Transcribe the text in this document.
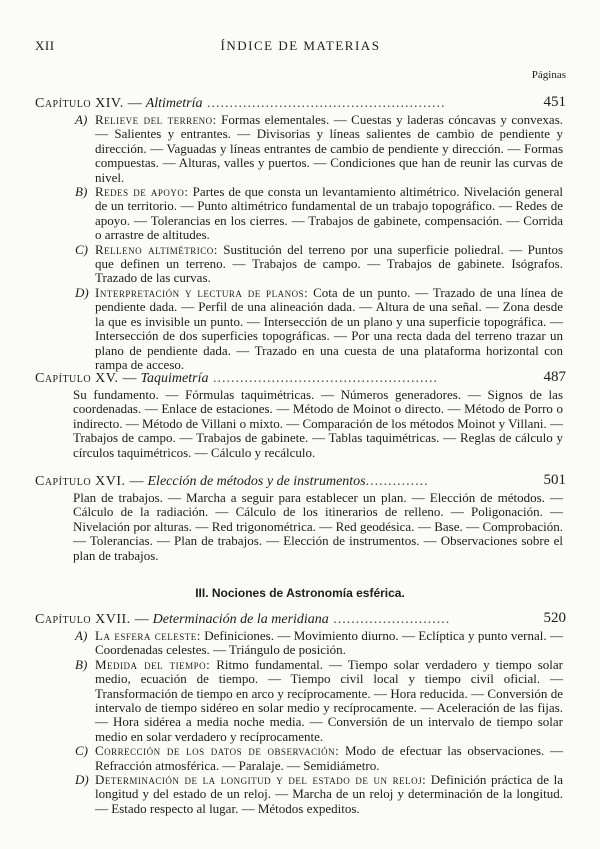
XII	ÍNDICE DE MATERIAS
Páginas
Capítulo XIV. — Altimetría .....................................................	451
A) Relieve del terreno: Formas elementales. — Cuestas y laderas cóncavas y convexas. — Salientes y entrantes. — Divisorias y líneas salientes de cambio de pendiente y dirección. — Vaguadas y líneas entrantes de cambio de pendiente y dirección. — Formas compuestas. — Alturas, valles y puertos. — Condiciones que han de reunir las curvas de nivel.
B) Redes de apoyo: Partes de que consta un levantamiento altimétrico. Nivelación general de un territorio. — Punto altimétrico fundamental de un trabajo topográfico. — Redes de apoyo. — Tolerancias en los cierres. — Trabajos de gabinete, compensación. — Corrida o arrastre de altitudes.
C) Relleno altimétrico: Sustitución del terreno por una superficie poliedral. — Puntos que definen un terreno. — Trabajos de campo. — Trabajos de gabinete. Isógrafos. Trazado de las curvas.
D) Interpretación y lectura de planos: Cota de un punto. — Trazado de una línea de pendiente dada. — Perfil de una alineación dada. — Altura de una señal. — Zona desde la que es invisible un punto. — Intersección de un plano y una superficie topográfica. — Intersección de dos superficies topográficas. — Por una recta dada del terreno trazar un plano de pendiente dada. — Trazado en una cuesta de una plataforma horizontal con rampa de acceso.
Capítulo XV. — Taquimetría ..................................................	487
Su fundamento. — Fórmulas taquimétricas. — Números generadores. — Signos de las coordenadas. — Enlace de estaciones. — Método de Moinot o directo. — Método de Porro o indirecto. — Método de Villani o mixto. — Comparación de los métodos Moinot y Villani. — Trabajos de campo. — Trabajos de gabinete. — Tablas taquimétricas. — Reglas de cálculo y círculos taquimétricos. — Cálculo y recálculo.
Capítulo XVI. — Elección de métodos y de instrumentos..............	501
Plan de trabajos. — Marcha a seguir para establecer un plan. — Elección de métodos. — Cálculo de la radiación. — Cálculo de los itinerarios de relleno. — Poligonación. — Nivelación por alturas. — Red trigonométrica. — Red geodésica. — Base. — Comprobación. — Tolerancias. — Plan de trabajos. — Elección de instrumentos. — Observaciones sobre el plan de trabajos.
III. Nociones de Astronomía esférica.
Capítulo XVII. — Determinación de la meridiana ..........................	520
A) La esfera celeste: Definiciones. — Movimiento diurno. — Eclíptica y punto vernal. — Coordenadas celestes. — Triángulo de posición.
B) Medida del tiempo: Ritmo fundamental. — Tiempo solar verdadero y tiempo solar medio, ecuación de tiempo. — Tiempo civil local y tiempo civil oficial. — Transformación de tiempo en arco y recíprocamente. — Hora reducida. — Conversión de intervalo de tiempo sidéreo en solar medio y recíprocamente. — Aceleración de las fijas. — Hora sidérea a media noche media. — Conversión de un intervalo de tiempo solar medio en solar verdadero y recíprocamente.
C) Corrección de los datos de observación: Modo de efectuar las observaciones. — Refracción atmosférica. — Paralaje. — Semidiámetro.
D) Determinación de la longitud y del estado de un reloj: Definición práctica de la longitud y del estado de un reloj. — Marcha de un reloj y determinación de la longitud. — Estado respecto al lugar. — Métodos expeditos.
